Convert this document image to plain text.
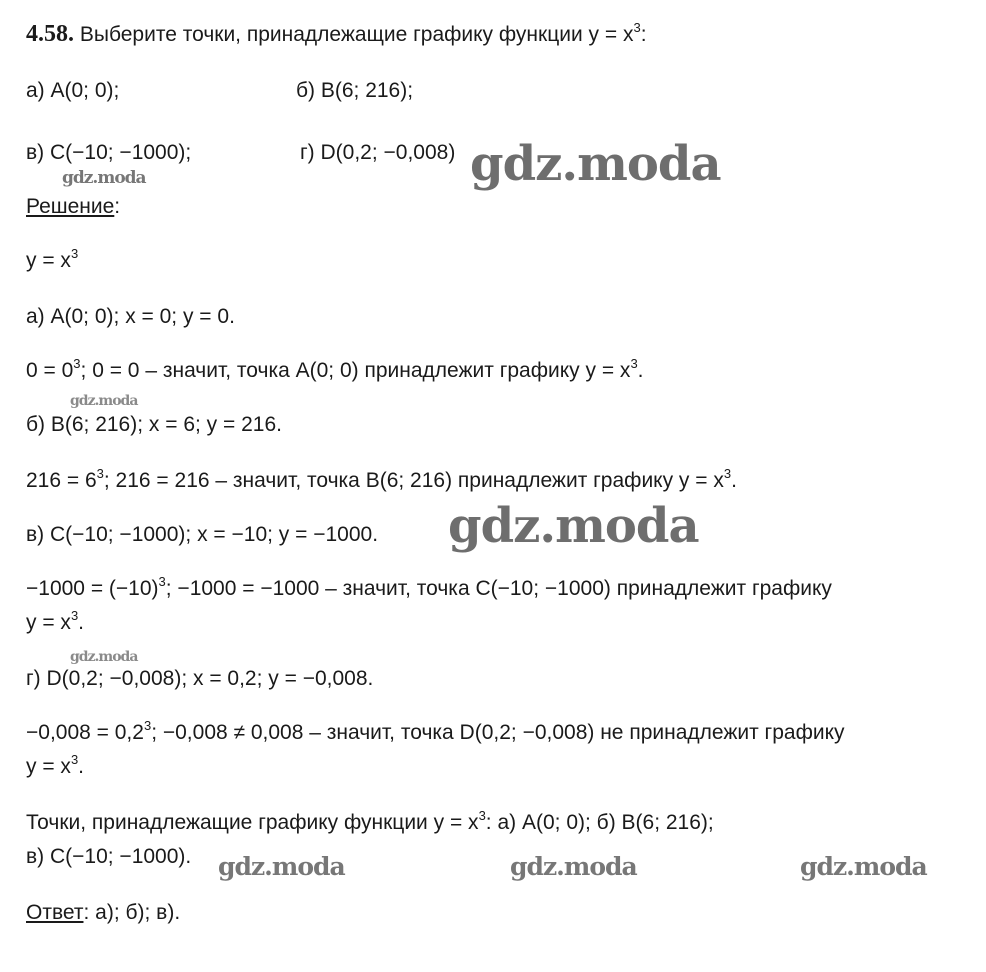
4.58. Выберите точки, принадлежащие графику функции $y = x^3$:
а) A(0; 0);	б) B(6; 216);
в) C(−10; −1000);	г) D(0,2; −0,008)
Решение:
$y = x^3$
а) A(0; 0); x = 0; y = 0.
$0 = 0^3$; 0 = 0 – значит, точка A(0; 0) принадлежит графику $y = x^3$.
б) B(6; 216); x = 6; y = 216.
$216 = 6^3$; 216 = 216 – значит, точка B(6; 216) принадлежит графику $y = x^3$.
в) C(−10; −1000); x = −10; y = −1000.
$-1000 = (-10)^3$; −1000 = −1000 – значит, точка C(−10; −1000) принадлежит графику
$y = x^3$.
г) D(0,2; −0,008); x = 0,2; y = −0,008.
$-0,008 = 0,2^3$; −0,008 ≠ 0,008 – значит, точка D(0,2; −0,008) не принадлежит графику
$y = x^3$.
Точки, принадлежащие графику функции $y = x^3$: а) A(0; 0); б) B(6; 216);
в) C(−10; −1000).
Ответ: а); б); в).
gdz.moda
gdz.moda
gdz.moda
gdz.moda
gdz.moda
gdz.moda	gdz.moda	gdz.moda
